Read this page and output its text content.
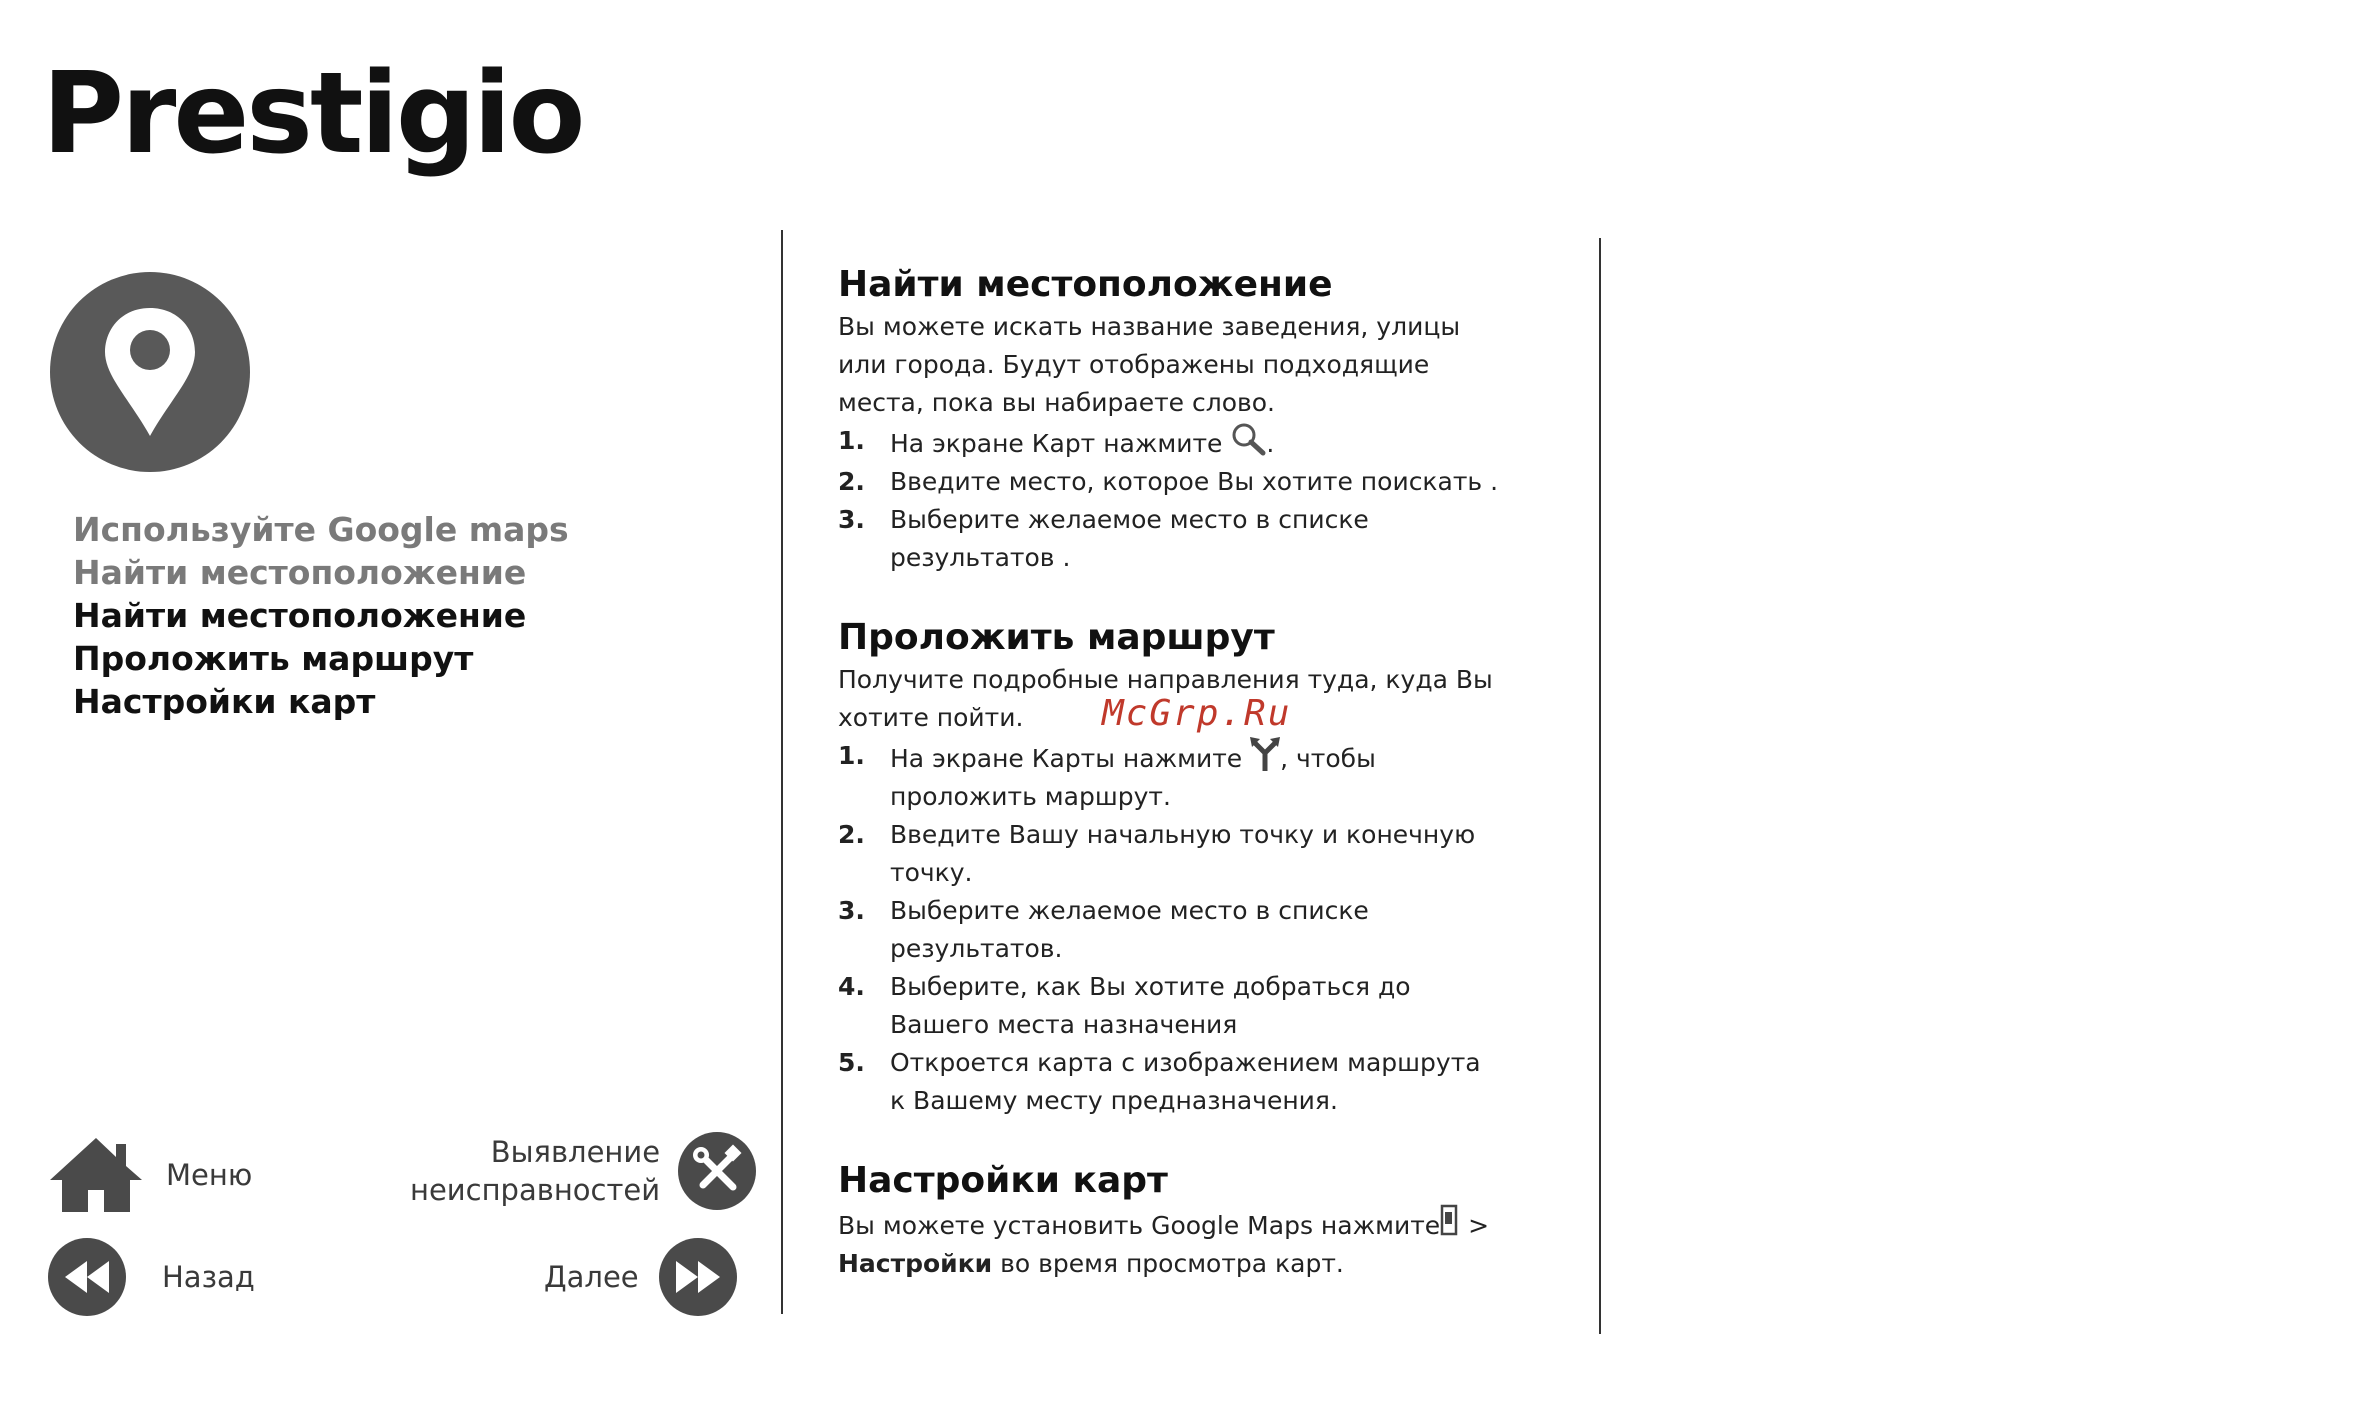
Prestigio
Используйте Google maps
Найти местоположение
Найти местоположение
Проложить маршрут
Настройки карт
Меню
Назад
Выявление
неисправностей
Далее
Найти местоположение

Вы можете искать название заведения, улицы

или города. Будут отображены подходящие

места, пока вы набираете слово.

1. На экране Карт нажмите .
2. Введите место, которое Вы хотите поискать .
3. Выберите желаемое место в списке
результатов .
Проложить маршрут

Получите подробные направления туда, куда Вы

хотите пойти.

1. На экране Карты нажмите , чтобы
проложить маршрут.
2. Введите Вашу начальную точку и конечную
точку.
3. Выберите желаемое место в списке
результатов.
4. Выберите, как Вы хотите добраться до
Вашего места назначения
5. Откроется карта с изображением маршрута
к Вашему месту предназначения.
Настройки карт

Вы можете установить Google Maps нажмите >

Настройки во время просмотра карт.

McGrp.Ru
